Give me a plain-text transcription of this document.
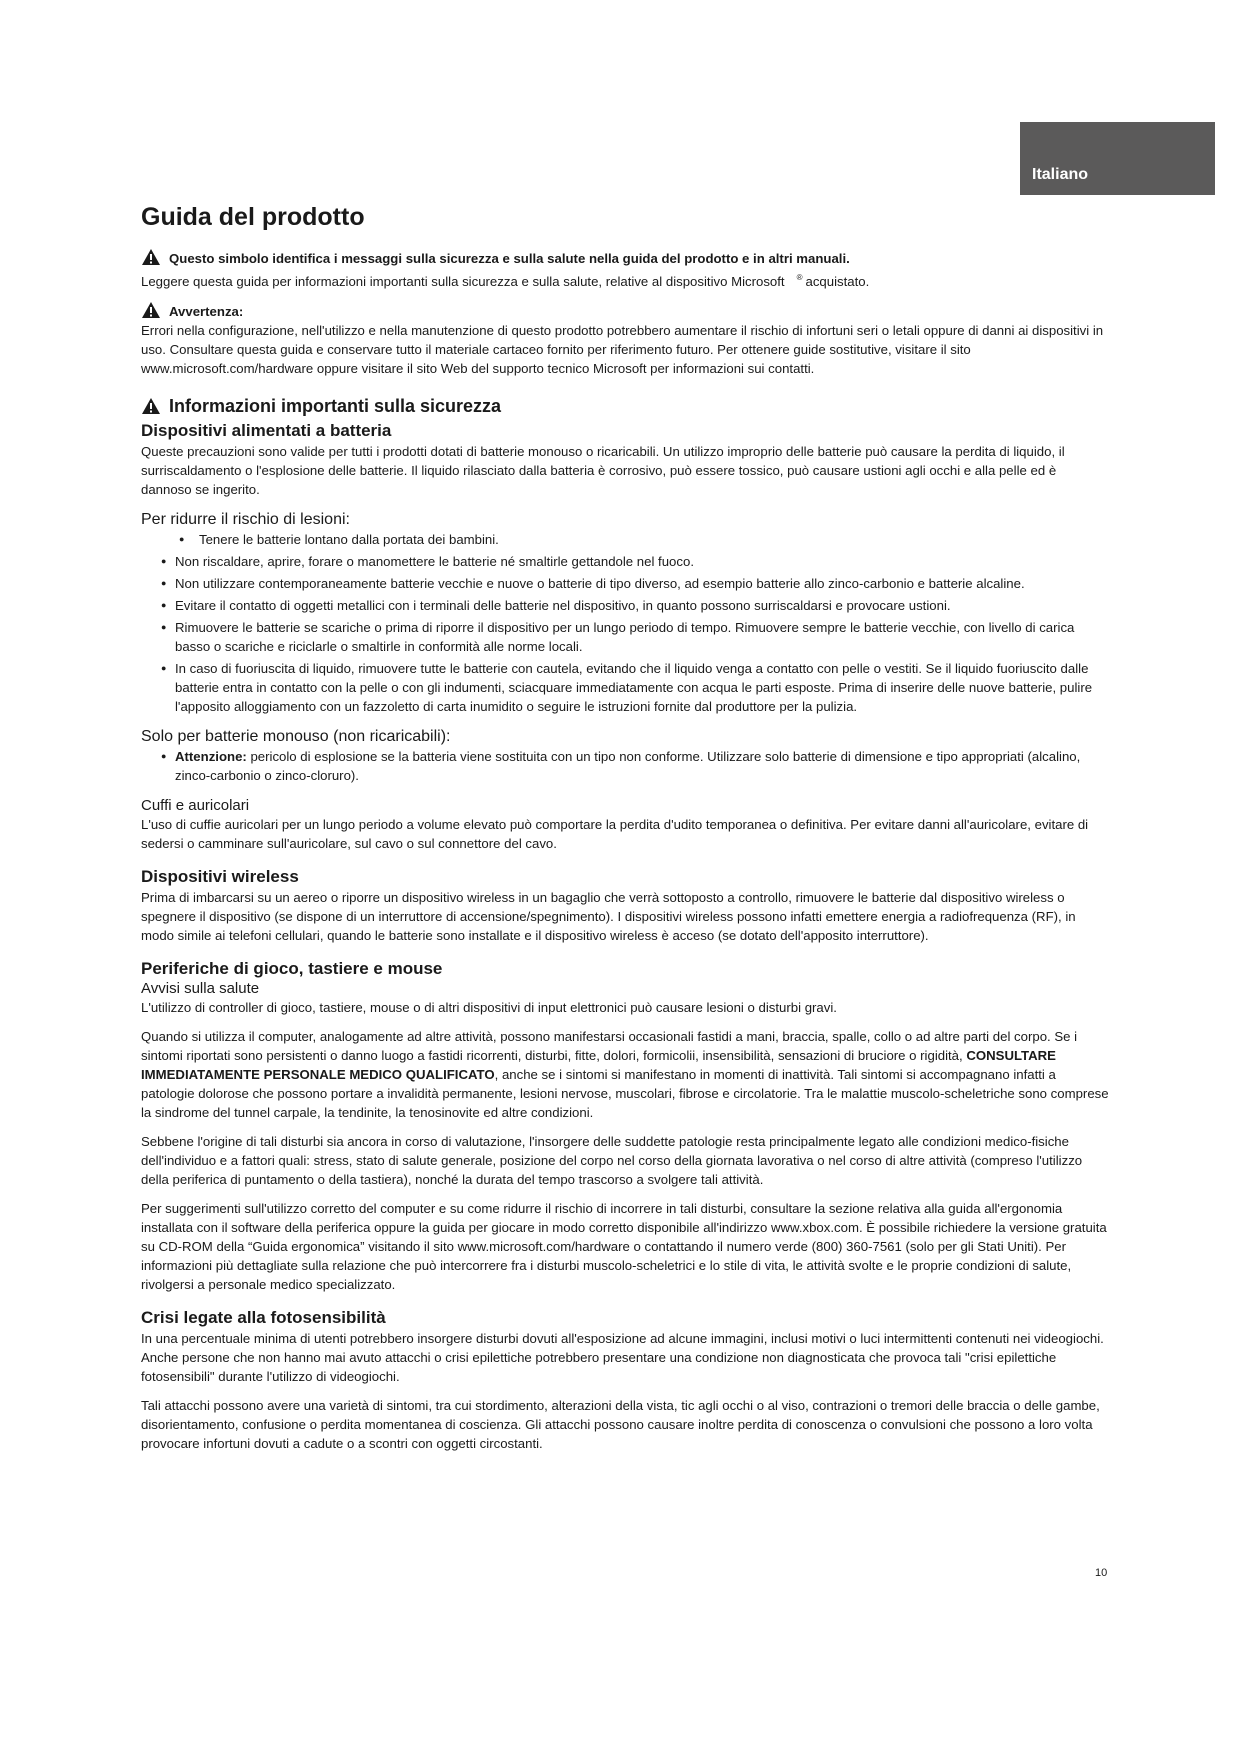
Italiano
Guida del prodotto

Questo simbolo identifica i messaggi sulla sicurezza e sulla salute nella guida del prodotto e in altri manuali.

Leggere questa guida per informazioni importanti sulla sicurezza e sulla salute, relative al dispositivo Microsoft ® acquistato.

Avvertenza:

Errori nella configurazione, nell'utilizzo e nella manutenzione di questo prodotto potrebbero aumentare il rischio di infortuni seri o letali oppure di danni ai dispositivi in uso. Consultare questa guida e conservare tutto il materiale cartaceo fornito per riferimento futuro. Per ottenere guide sostitutive, visitare il sito www.microsoft.com/hardware oppure visitare il sito Web del supporto tecnico Microsoft per informazioni sui contatti.

Informazioni importanti sulla sicurezza
Dispositivi alimentati a batteria

Queste precauzioni sono valide per tutti i prodotti dotati di batterie monouso o ricaricabili. Un utilizzo improprio delle batterie può causare la perdita di liquido, il surriscaldamento o l'esplosione delle batterie. Il liquido rilasciato dalla batteria è corrosivo, può essere tossico, può causare ustioni agli occhi e alla pelle ed è dannoso se ingerito.

Per ridurre il rischio di lesioni:
● Tenere le batterie lontano dalla portata dei bambini.
● Non riscaldare, aprire, forare o manomettere le batterie né smaltirle gettandole nel fuoco.
● Non utilizzare contemporaneamente batterie vecchie e nuove o batterie di tipo diverso, ad esempio batterie allo zinco-carbonio e batterie alcaline.
● Evitare il contatto di oggetti metallici con i terminali delle batterie nel dispositivo, in quanto possono surriscaldarsi e provocare ustioni.
● Rimuovere le batterie se scariche o prima di riporre il dispositivo per un lungo periodo di tempo. Rimuovere sempre le batterie vecchie, con livello di carica basso o scariche e riciclarle o smaltirle in conformità alle norme locali.
● In caso di fuoriuscita di liquido, rimuovere tutte le batterie con cautela, evitando che il liquido venga a contatto con pelle o vestiti. Se il liquido fuoriuscito dalle batterie entra in contatto con la pelle o con gli indumenti, sciacquare immediatamente con acqua le parti esposte. Prima di inserire delle nuove batterie, pulire l'apposito alloggiamento con un fazzoletto di carta inumidito o seguire le istruzioni fornite dal produttore per la pulizia.
Solo per batterie monouso (non ricaricabili):
● Attenzione: pericolo di esplosione se la batteria viene sostituita con un tipo non conforme. Utilizzare solo batterie di dimensione e tipo appropriati (alcalino, zinco-carbonio o zinco-cloruro).
Cuffi e auricolari

L'uso di cuffie auricolari per un lungo periodo a volume elevato può comportare la perdita d'udito temporanea o definitiva. Per evitare danni all'auricolare, evitare di sedersi o camminare sull'auricolare, sul cavo o sul connettore del cavo.

Dispositivi wireless

Prima di imbarcarsi su un aereo o riporre un dispositivo wireless in un bagaglio che verrà sottoposto a controllo, rimuovere le batterie dal dispositivo wireless o spegnere il dispositivo (se dispone di un interruttore di accensione/spegnimento). I dispositivi wireless possono infatti emettere energia a radiofrequenza (RF), in modo simile ai telefoni cellulari, quando le batterie sono installate e il dispositivo wireless è acceso (se dotato dell'apposito interruttore).

Periferiche di gioco, tastiere e mouse
Avvisi sulla salute

L'utilizzo di controller di gioco, tastiere, mouse o di altri dispositivi di input elettronici può causare lesioni o disturbi gravi.

Quando si utilizza il computer, analogamente ad altre attività, possono manifestarsi occasionali fastidi a mani, braccia, spalle, collo o ad altre parti del corpo. Se i sintomi riportati sono persistenti o danno luogo a fastidi ricorrenti, disturbi, fitte, dolori, formicolii, insensibilità, sensazioni di bruciore o rigidità, CONSULTARE IMMEDIATAMENTE PERSONALE MEDICO QUALIFICATO, anche se i sintomi si manifestano in momenti di inattività. Tali sintomi si accompagnano infatti a patologie dolorose che possono portare a invalidità permanente, lesioni nervose, muscolari, fibrose e circolatorie. Tra le malattie muscolo-scheletriche sono comprese la sindrome del tunnel carpale, la tendinite, la tenosinovite ed altre condizioni.

Sebbene l'origine di tali disturbi sia ancora in corso di valutazione, l'insorgere delle suddette patologie resta principalmente legato alle condizioni medico-fisiche dell'individuo e a fattori quali: stress, stato di salute generale, posizione del corpo nel corso della giornata lavorativa o nel corso di altre attività (compreso l'utilizzo della periferica di puntamento o della tastiera), nonché la durata del tempo trascorso a svolgere tali attività.

Per suggerimenti sull'utilizzo corretto del computer e su come ridurre il rischio di incorrere in tali disturbi, consultare la sezione relativa alla guida all'ergonomia installata con il software della periferica oppure la guida per giocare in modo corretto disponibile all'indirizzo www.xbox.com. È possibile richiedere la versione gratuita su CD-ROM della “Guida ergonomica” visitando il sito www.microsoft.com/hardware o contattando il numero verde (800) 360-7561 (solo per gli Stati Uniti). Per informazioni più dettagliate sulla relazione che può intercorrere fra i disturbi muscolo-scheletrici e lo stile di vita, le attività svolte e le proprie condizioni di salute, rivolgersi a personale medico specializzato.

Crisi legate alla fotosensibilità

In una percentuale minima di utenti potrebbero insorgere disturbi dovuti all'esposizione ad alcune immagini, inclusi motivi o luci intermittenti contenuti nei videogiochi. Anche persone che non hanno mai avuto attacchi o crisi epilettiche potrebbero presentare una condizione non diagnosticata che provoca tali "crisi epilettiche fotosensibili" durante l'utilizzo di videogiochi.

Tali attacchi possono avere una varietà di sintomi, tra cui stordimento, alterazioni della vista, tic agli occhi o al viso, contrazioni o tremori delle braccia o delle gambe, disorientamento, confusione o perdita momentanea di coscienza. Gli attacchi possono causare inoltre perdita di conoscenza o convulsioni che possono a loro volta provocare infortuni dovuti a cadute o a scontri con oggetti circostanti.

10
